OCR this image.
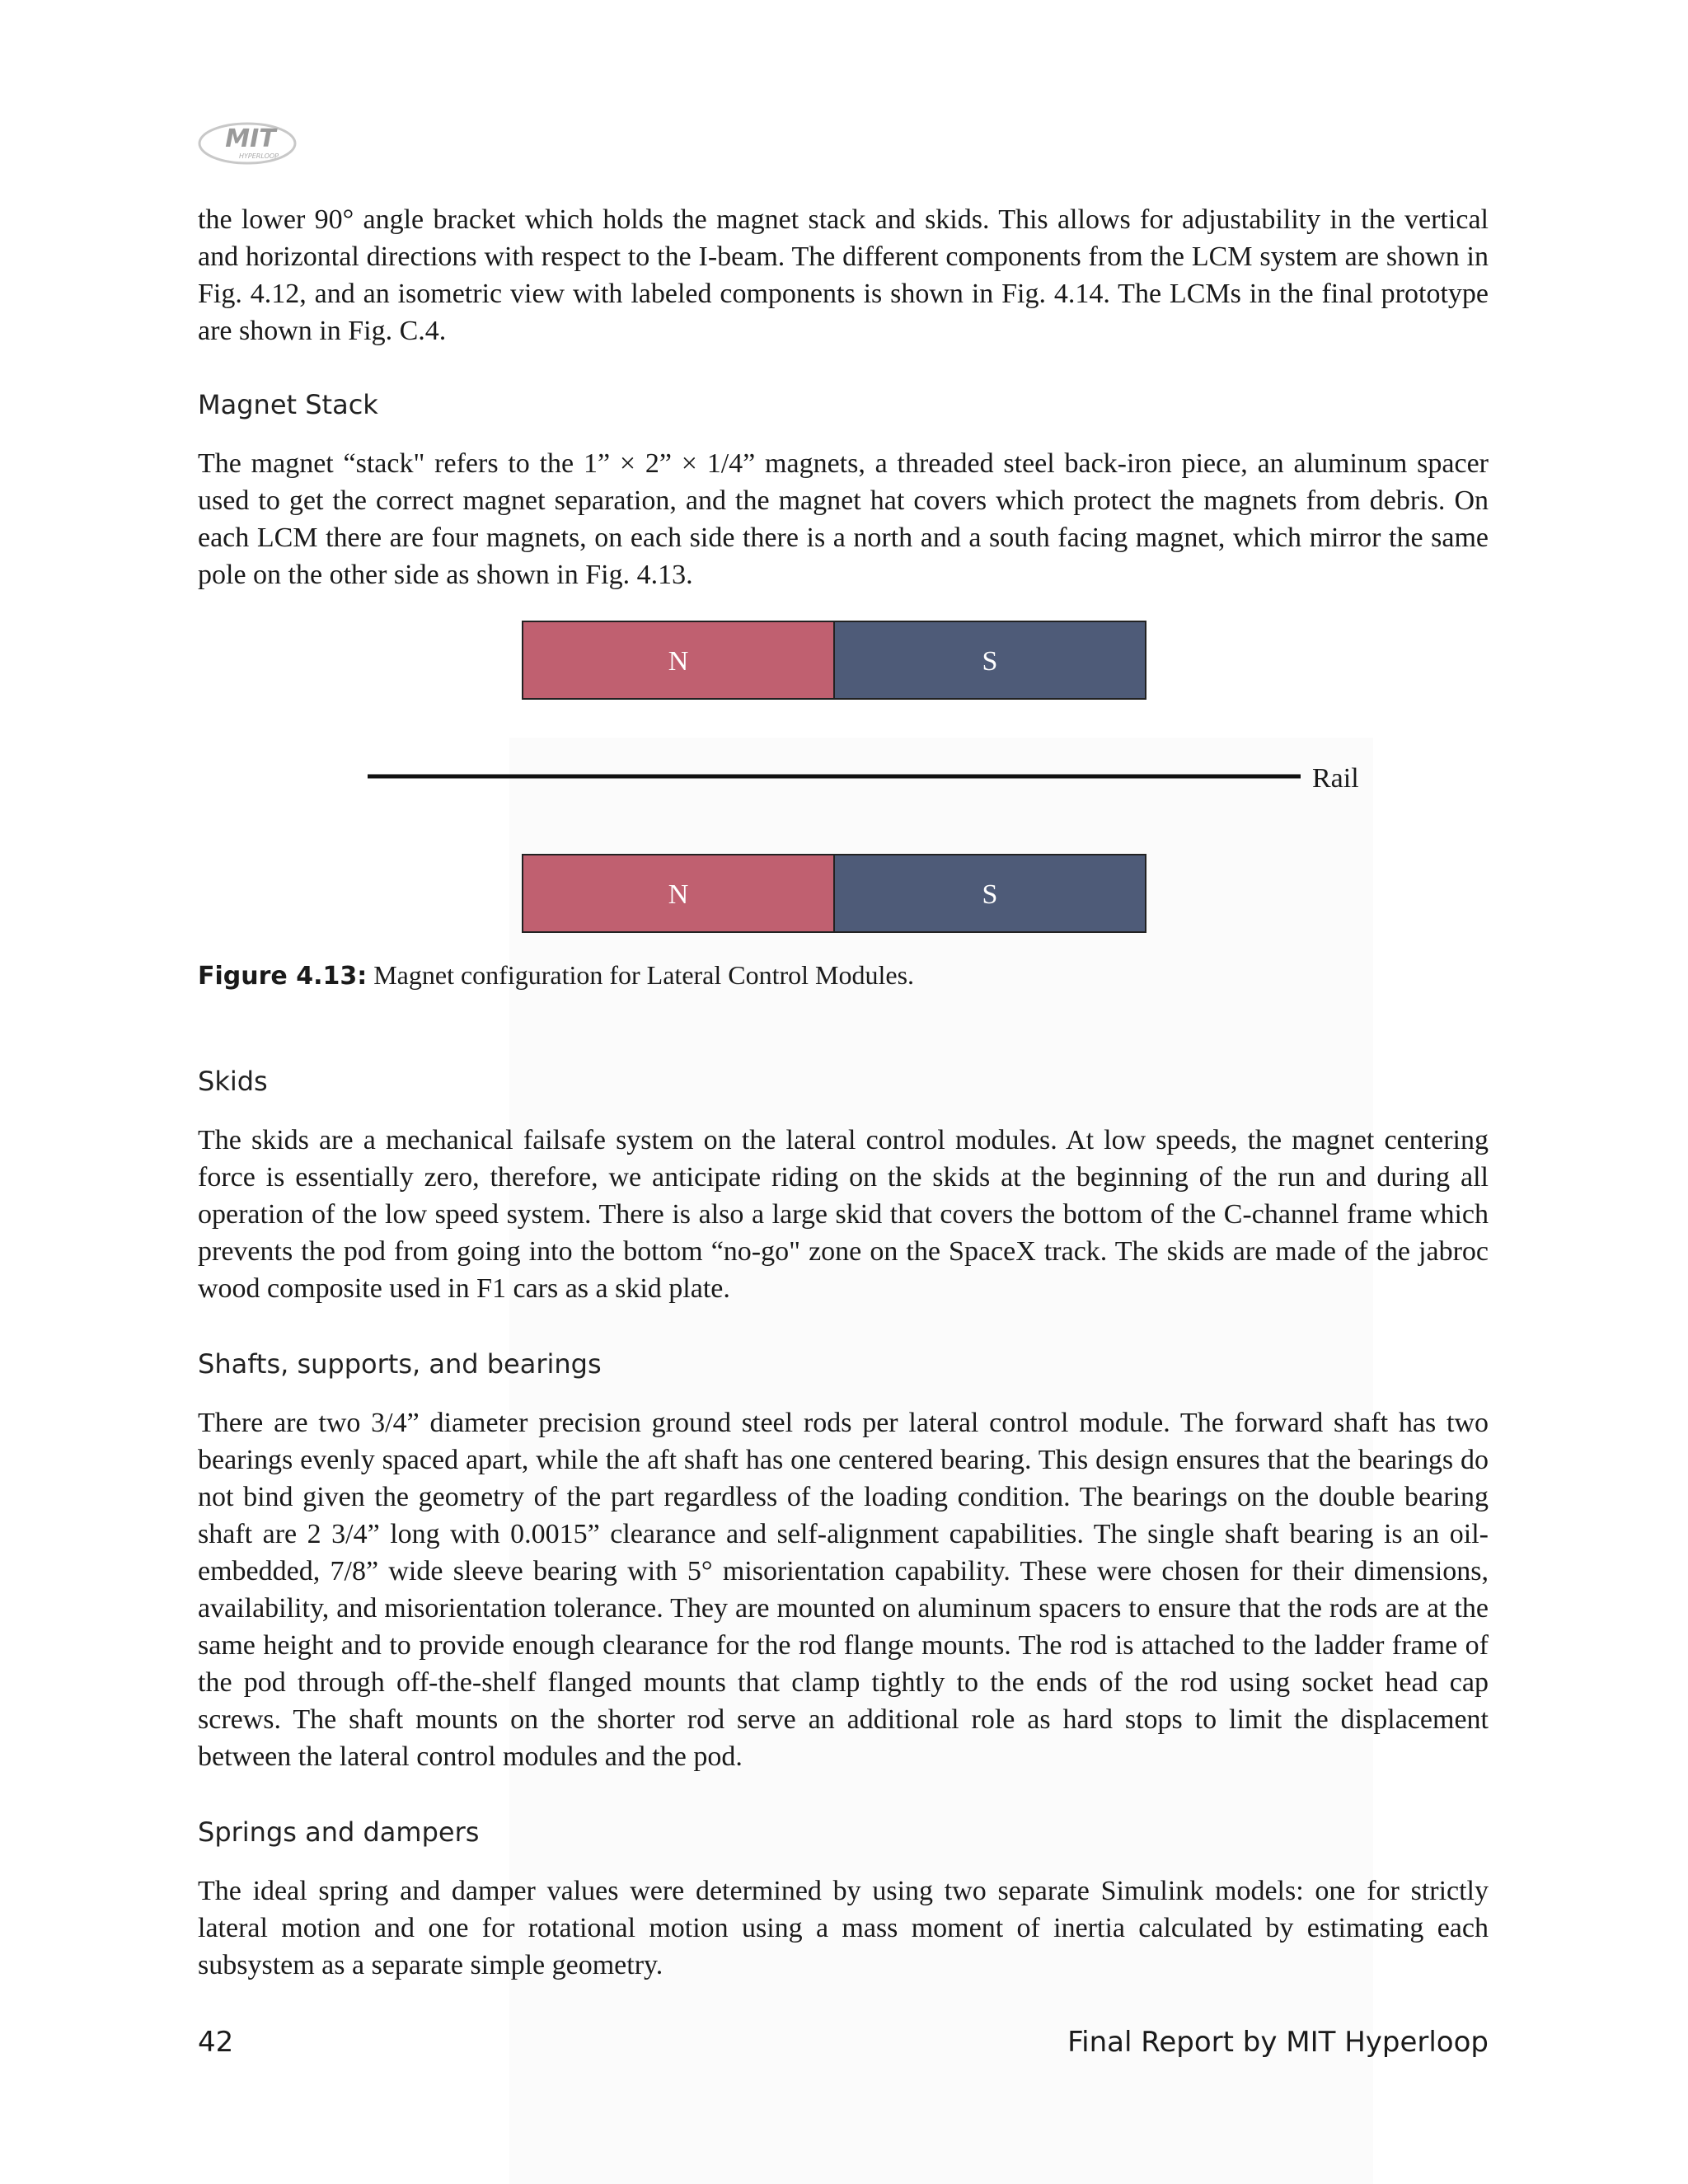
MIT
HYPERLOOP

the lower 90° angle bracket which holds the magnet stack and skids. This allows for adjustability in the vertical and horizontal directions with respect to the I-beam. The different components from the LCM system are shown in Fig. 4.12, and an isometric view with labeled components is shown in Fig. 4.14. The LCMs in the final prototype are shown in Fig. C.4.

Magnet Stack

The magnet “stack" refers to the 1” × 2” × 1/4” magnets, a threaded steel back-iron piece, an aluminum spacer used to get the correct magnet separation, and the magnet hat covers which protect the magnets from debris. On each LCM there are four magnets, on each side there is a north and a south facing magnet, which mirror the same pole on the other side as shown in Fig. 4.13.

N	S
Rail
N	S
Figure 4.13: Magnet configuration for Lateral Control Modules.

Skids

The skids are a mechanical failsafe system on the lateral control modules. At low speeds, the magnet centering force is essentially zero, therefore, we anticipate riding on the skids at the beginning of the run and during all operation of the low speed system. There is also a large skid that covers the bottom of the C-channel frame which prevents the pod from going into the bottom “no-go" zone on the SpaceX track. The skids are made of the jabroc wood composite used in F1 cars as a skid plate.

Shafts, supports, and bearings

There are two 3/4” diameter precision ground steel rods per lateral control module. The forward shaft has two bearings evenly spaced apart, while the aft shaft has one centered bearing. This design ensures that the bearings do not bind given the geometry of the part regardless of the loading condition. The bearings on the double bearing shaft are 2 3/4” long with 0.0015” clearance and self-alignment capabilities. The single shaft bearing is an oil-embedded, 7/8” wide sleeve bearing with 5° misorientation capability. These were chosen for their dimensions, availability, and misorientation tolerance. They are mounted on aluminum spacers to ensure that the rods are at the same height and to provide enough clearance for the rod flange mounts. The rod is attached to the ladder frame of the pod through off-the-shelf flanged mounts that clamp tightly to the ends of the rod using socket head cap screws. The shaft mounts on the shorter rod serve an additional role as hard stops to limit the displacement between the lateral control modules and the pod.

Springs and dampers

The ideal spring and damper values were determined by using two separate Simulink models: one for strictly lateral motion and one for rotational motion using a mass moment of inertia calculated by estimating each subsystem as a separate simple geometry.

42	Final Report by MIT Hyperloop
